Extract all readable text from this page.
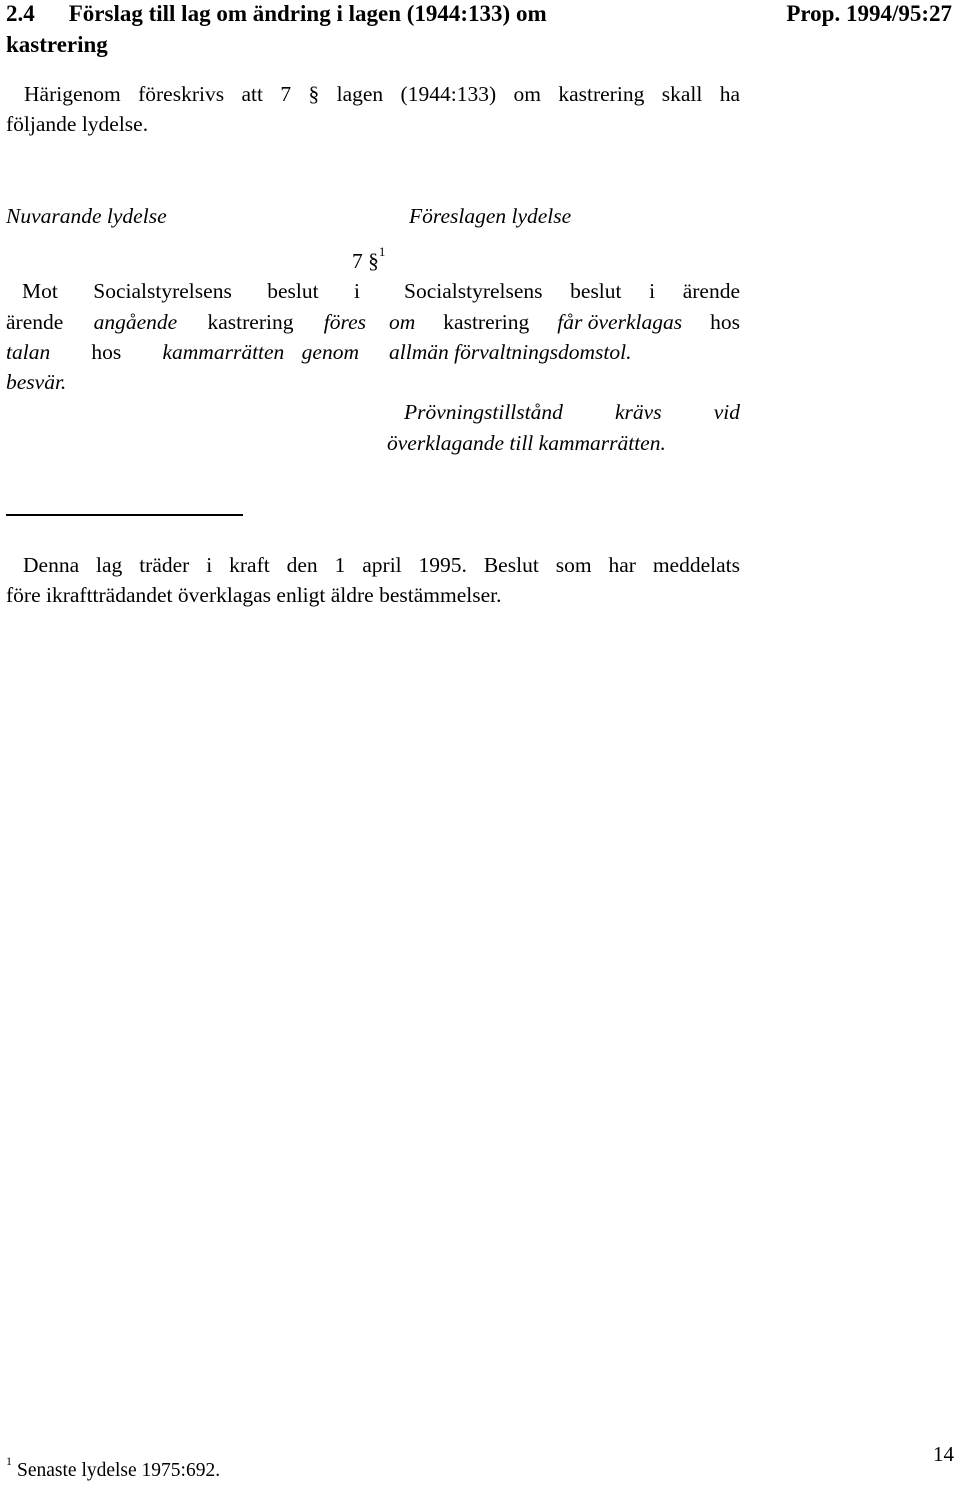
2.4 Förslag till lag om ändring i lagen (1944:133) om
kastrering
Prop. 1994/95:27
Härigenom föreskrivs att 7 § lagen (1944:133) om kastrering skall ha
följande lydelse.
Nuvarande lydelse	Föreslagen lydelse
7 §$^1$
Mot Socialstyrelsens beslut i
ärende angående kastrering föres
talan hos kammarrätten genom
besvär.
Socialstyrelsens beslut i ärende
om kastrering får överklagas hos
allmän förvaltningsdomstol.
Prövningstillstånd krävs vid
överklagande till kammarrätten.
Denna lag träder i kraft den 1 april 1995. Beslut som har meddelats
före ikraftträdandet överklagas enligt äldre bestämmelser.
$^1$ Senaste lydelse 1975:692.
14
